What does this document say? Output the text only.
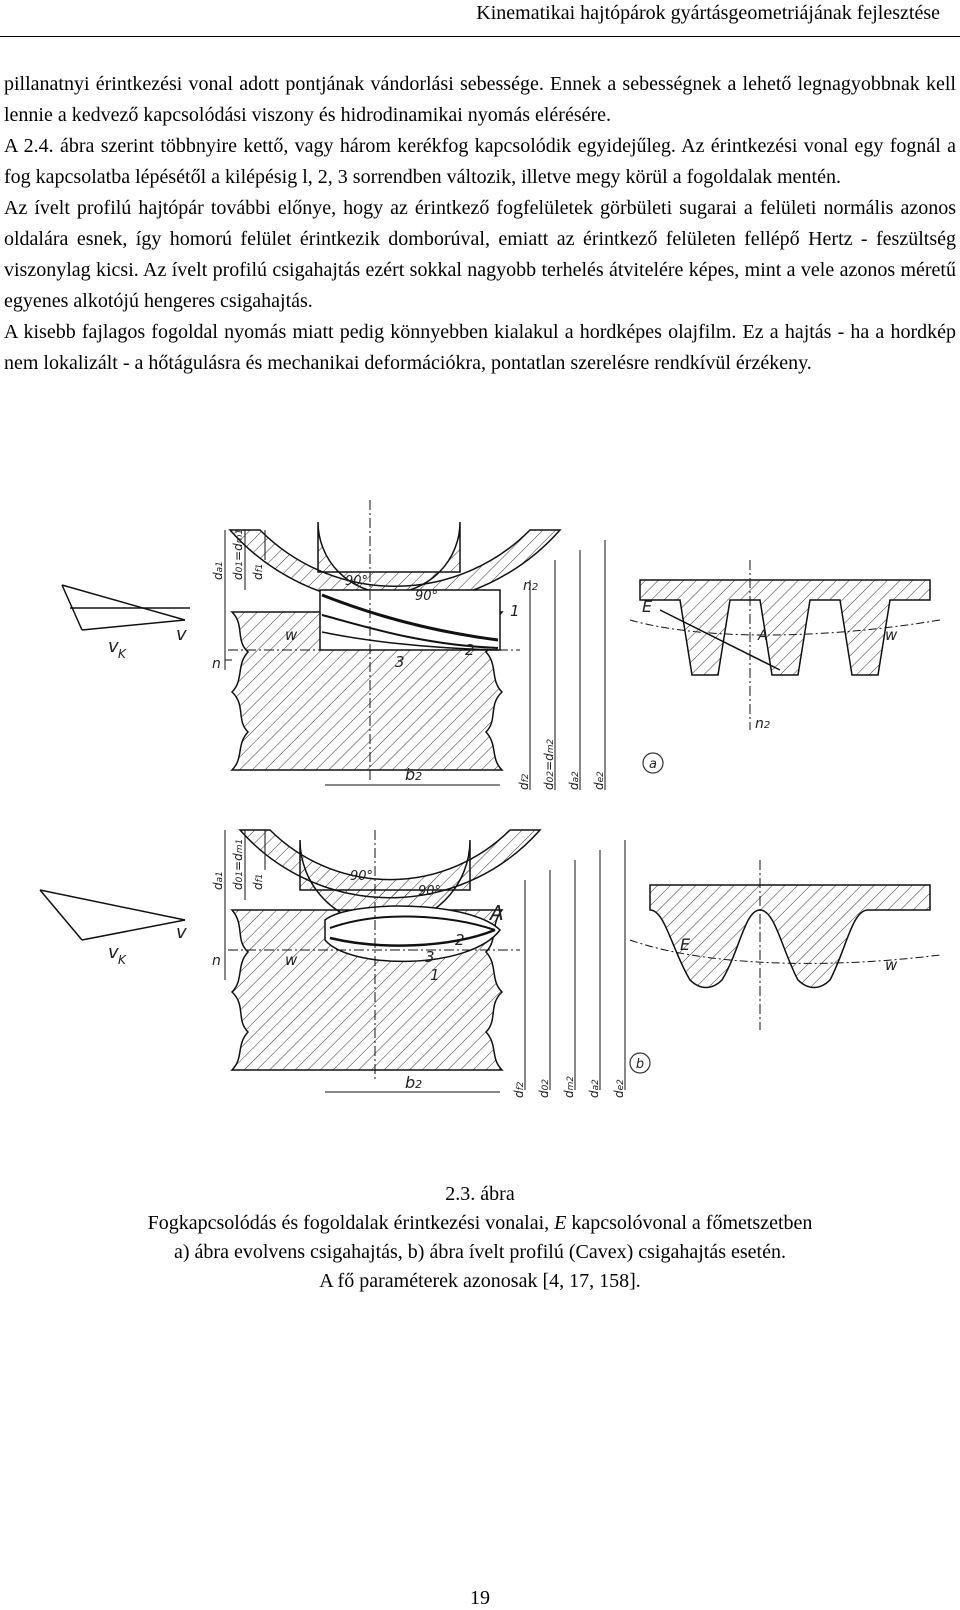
Kinematikai hajtópárok gyártásgeometriájának fejlesztése

pillanatnyi érintkezési vonal adott pontjának vándorlási sebessége. Ennek a sebességnek a lehető legnagyobbnak kell lennie a kedvező kapcsolódási viszony és hidrodinamikai nyomás elérésére.

A 2.4. ábra szerint többnyire kettő, vagy három kerékfog kapcsolódik egyidejűleg. Az érintkezési vonal egy fognál a fog kapcsolatba lépésétől a kilépésig l, 2, 3 sorrendben változik, illetve megy körül a fogoldalak mentén.

Az ívelt profilú hajtópár további előnye, hogy az érintkező fogfelületek görbületi sugarai a felületi normális azonos oldalára esnek, így homorú felület érintkezik domborúval, emiatt az érintkező felületen fellépő Hertz - feszültség viszonylag kicsi. Az ívelt profilú csigahajtás ezért sokkal nagyobb terhelés átvitelére képes, mint a vele azonos méretű egyenes alkotójú hengeres csigahajtás.

A kisebb fajlagos fogoldal nyomás miatt pedig könnyebben kialakul a hordképes olajfilm. Ez a hajtás - ha a hordkép nem lokalizált - a hőtágulásra és mechanikai deformációkra, pontatlan szerelésre rendkívül érzékeny.

v
v K
90°
90°
1
2
3
w	w
da1
d01=dm1
df1
df2
d02=dm2
da2
de2
b2
n
n2
E
A
n2
a
v
v K
90°
90°
1
2
3
A
w	w
n
da1
d01=dm1
df1
df2
d02
dm2
da2
de2
b2
E
b
2.3. ábra
Fogkapcsolódás és fogoldalak érintkezési vonalai, E kapcsolóvonal a főmetszetben
a) ábra evolvens csigahajtás, b) ábra ívelt profilú (Cavex) csigahajtás esetén.
A fő paraméterek azonosak [4, 17, 158].
19
